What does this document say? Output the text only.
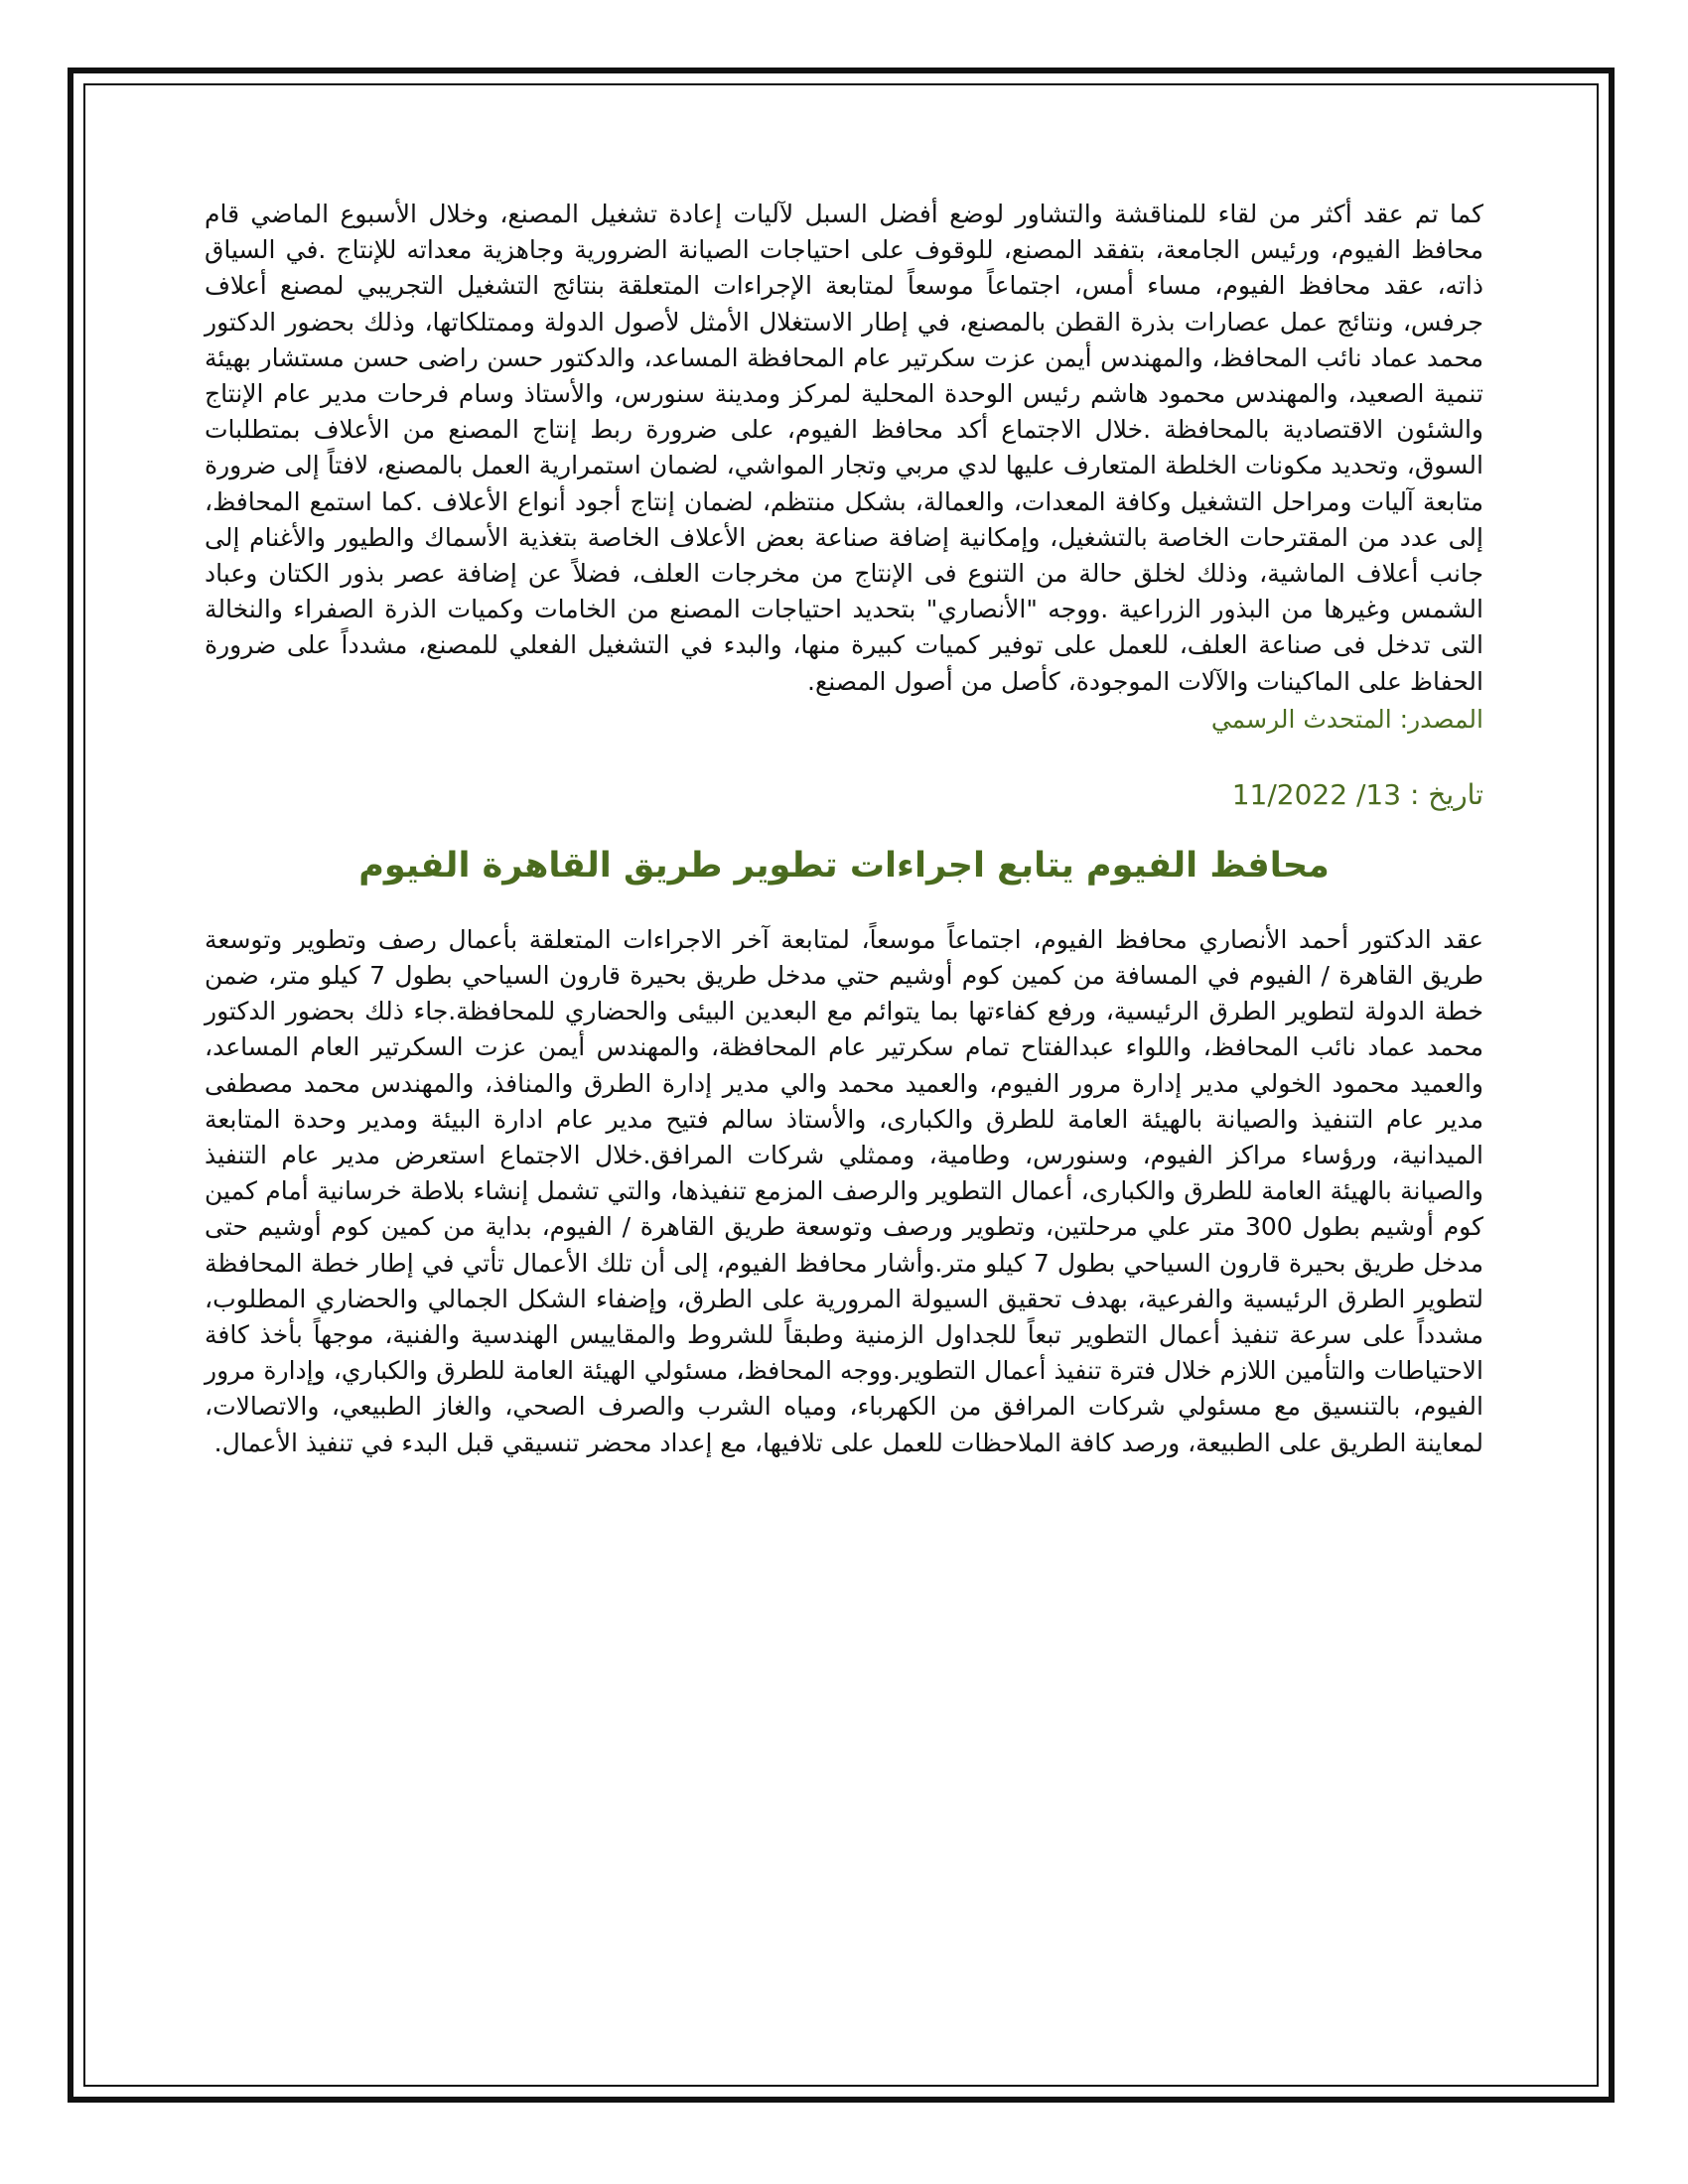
كما تم عقد أكثر من لقاء للمناقشة والتشاور لوضع أفضل السبل لآليات إعادة تشغيل المصنع، وخلال الأسبوع الماضي قام محافظ الفيوم، ورئيس الجامعة، بتفقد المصنع، للوقوف على احتياجات الصيانة الضرورية وجاهزية معداته للإنتاج .في السياق ذاته، عقد محافظ الفيوم، مساء أمس، اجتماعاً موسعاً لمتابعة الإجراءات المتعلقة بنتائج التشغيل التجريبي لمصنع أعلاف جرفس، ونتائج عمل عصارات بذرة القطن بالمصنع، في إطار الاستغلال الأمثل لأصول الدولة وممتلكاتها، وذلك بحضور الدكتور محمد عماد نائب المحافظ، والمهندس أيمن عزت سكرتير عام المحافظة المساعد، والدكتور حسن راضى حسن مستشار بهيئة تنمية الصعيد، والمهندس محمود هاشم رئيس الوحدة المحلية لمركز ومدينة سنورس، والأستاذ وسام فرحات مدير عام الإنتاج والشئون الاقتصادية بالمحافظة .خلال الاجتماع أكد محافظ الفيوم، على ضرورة ربط إنتاج المصنع من الأعلاف بمتطلبات السوق، وتحديد مكونات الخلطة المتعارف عليها لدي مربي وتجار المواشي، لضمان استمرارية العمل بالمصنع، لافتاً إلى ضرورة متابعة آليات ومراحل التشغيل وكافة المعدات، والعمالة، بشكل منتظم، لضمان إنتاج أجود أنواع الأعلاف .كما استمع المحافظ، إلى عدد من المقترحات الخاصة بالتشغيل، وإمكانية إضافة صناعة بعض الأعلاف الخاصة بتغذية الأسماك والطيور والأغنام إلى جانب أعلاف الماشية، وذلك لخلق حالة من التنوع فى الإنتاج من مخرجات العلف، فضلاً عن إضافة عصر بذور الكتان وعباد الشمس وغيرها من البذور الزراعية .ووجه "الأنصاري" بتحديد احتياجات المصنع من الخامات وكميات الذرة الصفراء والنخالة التى تدخل فى صناعة العلف، للعمل على توفير كميات كبيرة منها، والبدء في التشغيل الفعلي للمصنع، مشدداً على ضرورة الحفاظ على الماكينات والآلات الموجودة، كأصل من أصول المصنع.

المصدر: المتحدث الرسمي

تاريخ : 13/ 11/2022

محافظ الفيوم يتابع اجراءات تطوير طريق القاهرة الفيوم

عقد الدكتور أحمد الأنصاري محافظ الفيوم، اجتماعاً موسعاً، لمتابعة آخر الاجراءات المتعلقة بأعمال رصف وتطوير وتوسعة طريق القاهرة / الفيوم في المسافة من كمين كوم أوشيم حتي مدخل طريق بحيرة قارون السياحي بطول 7 كيلو متر، ضمن خطة الدولة لتطوير الطرق الرئيسية، ورفع كفاءتها بما يتوائم مع البعدين البيئى والحضاري للمحافظة.جاء ذلك بحضور الدكتور محمد عماد نائب المحافظ، واللواء عبدالفتاح تمام سكرتير عام المحافظة، والمهندس أيمن عزت السكرتير العام المساعد، والعميد محمود الخولي مدير إدارة مرور الفيوم، والعميد محمد والي مدير إدارة الطرق والمنافذ، والمهندس محمد مصطفى مدير عام التنفيذ والصيانة بالهيئة العامة للطرق والكبارى، والأستاذ سالم فتيح مدير عام ادارة البيئة ومدير وحدة المتابعة الميدانية، ورؤساء مراكز الفيوم، وسنورس، وطامية، وممثلي شركات المرافق.خلال الاجتماع استعرض مدير عام التنفيذ والصيانة بالهيئة العامة للطرق والكبارى، أعمال التطوير والرصف المزمع تنفيذها، والتي تشمل إنشاء بلاطة خرسانية أمام كمين كوم أوشيم بطول 300 متر علي مرحلتين، وتطوير ورصف وتوسعة طريق القاهرة / الفيوم، بداية من كمين كوم أوشيم حتى مدخل طريق بحيرة قارون السياحي بطول 7 كيلو متر.وأشار محافظ الفيوم، إلى أن تلك الأعمال تأتي في إطار خطة المحافظة لتطوير الطرق الرئيسية والفرعية، بهدف تحقيق السيولة المرورية على الطرق، وإضفاء الشكل الجمالي والحضاري المطلوب، مشدداً على سرعة تنفيذ أعمال التطوير تبعاً للجداول الزمنية وطبقاً للشروط والمقاييس الهندسية والفنية، موجهاً بأخذ كافة الاحتياطات والتأمين اللازم خلال فترة تنفيذ أعمال التطوير.ووجه المحافظ، مسئولي الهيئة العامة للطرق والكباري، وإدارة مرور الفيوم، بالتنسيق مع مسئولي شركات المرافق من الكهرباء، ومياه الشرب والصرف الصحي، والغاز الطبيعي، والاتصالات، لمعاينة الطريق على الطبيعة، ورصد كافة الملاحظات للعمل على تلافيها، مع إعداد محضر تنسيقي قبل البدء في تنفيذ الأعمال.
